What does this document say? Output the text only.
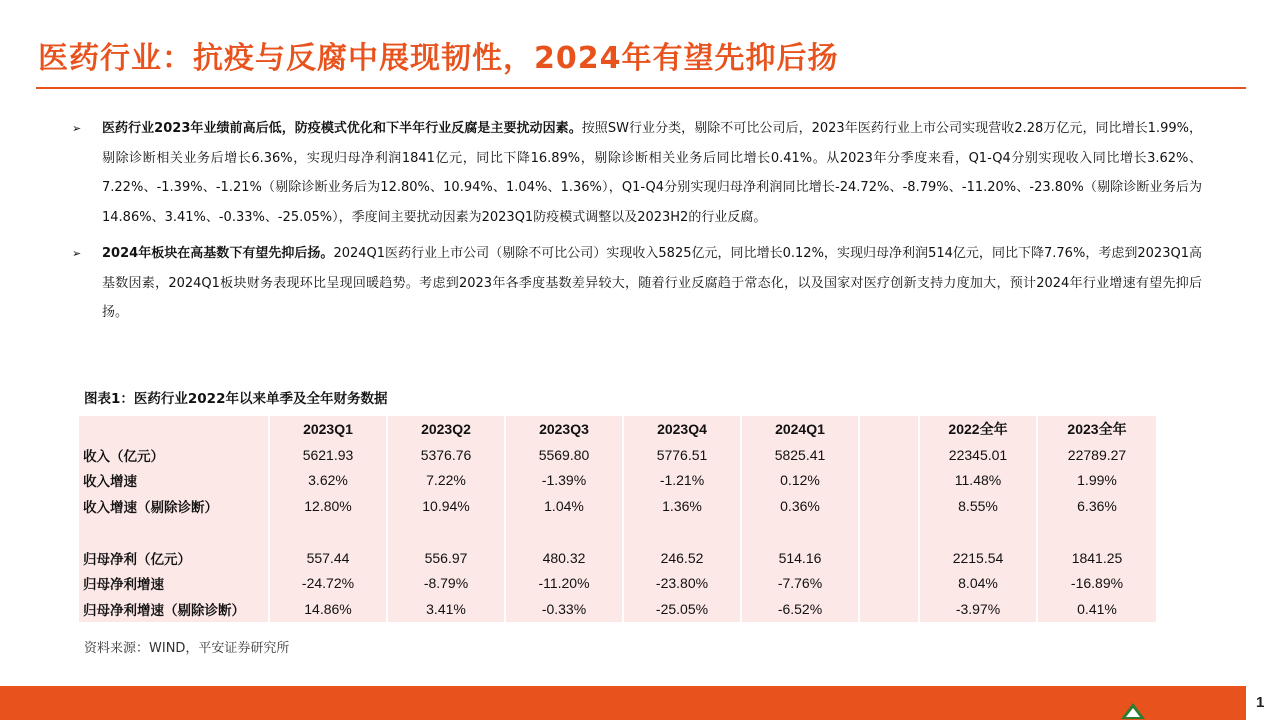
医药行业：抗疫与反腐中展现韧性，2024年有望先抑后扬
➢ 医药行业2023年业绩前高后低，防疫模式优化和下半年行业反腐是主要扰动因素。按照SW行业分类，剔除不可比公司后，2023年医药行业上市公司实现营收2.28万亿元，同比增长1.99%，剔除诊断相关业务后增长6.36%，实现归母净利润1841亿元，同比下降16.89%，剔除诊断相关业务后同比增长0.41%。从2023年分季度来看，Q1-Q4分别实现收入同比增长3.62%、7.22%、-1.39%、-1.21%（剔除诊断业务后为12.80%、10.94%、1.04%、1.36%），Q1-Q4分别实现归母净利润同比增长-24.72%、-8.79%、-11.20%、-23.80%（剔除诊断业务后为14.86%、3.41%、-0.33%、-25.05%），季度间主要扰动因素为2023Q1防疫模式调整以及2023H2的行业反腐。
➢ 2024年板块在高基数下有望先抑后扬。2024Q1医药行业上市公司（剔除不可比公司）实现收入5825亿元，同比增长0.12%，实现归母净利润514亿元，同比下降7.76%，考虑到2023Q1高基数因素，2024Q1板块财务表现环比呈现回暖趋势。考虑到2023年各季度基数差异较大，随着行业反腐趋于常态化，以及国家对医疗创新支持力度加大，预计2024年行业增速有望先抑后扬。
图表1：医药行业2022年以来单季及全年财务数据
	2023Q1	2023Q2	2023Q3	2023Q4	2024Q1		2022全年	2023全年
收入（亿元）	5621.93	5376.76	5569.80	5776.51	5825.41		22345.01	22789.27
收入增速	3.62%	7.22%	-1.39%	-1.21%	0.12%		11.48%	1.99%
收入增速（剔除诊断）	12.80%	10.94%	1.04%	1.36%	0.36%		8.55%	6.36%

归母净利（亿元）	557.44	556.97	480.32	246.52	514.16		2215.54	1841.25
归母净利增速	-24.72%	-8.79%	-11.20%	-23.80%	-7.76%		8.04%	-16.89%
归母净利增速（剔除诊断）	14.86%	3.41%	-0.33%	-25.05%	-6.52%		-3.97%	0.41%
资料来源：WIND，平安证券研究所
1
